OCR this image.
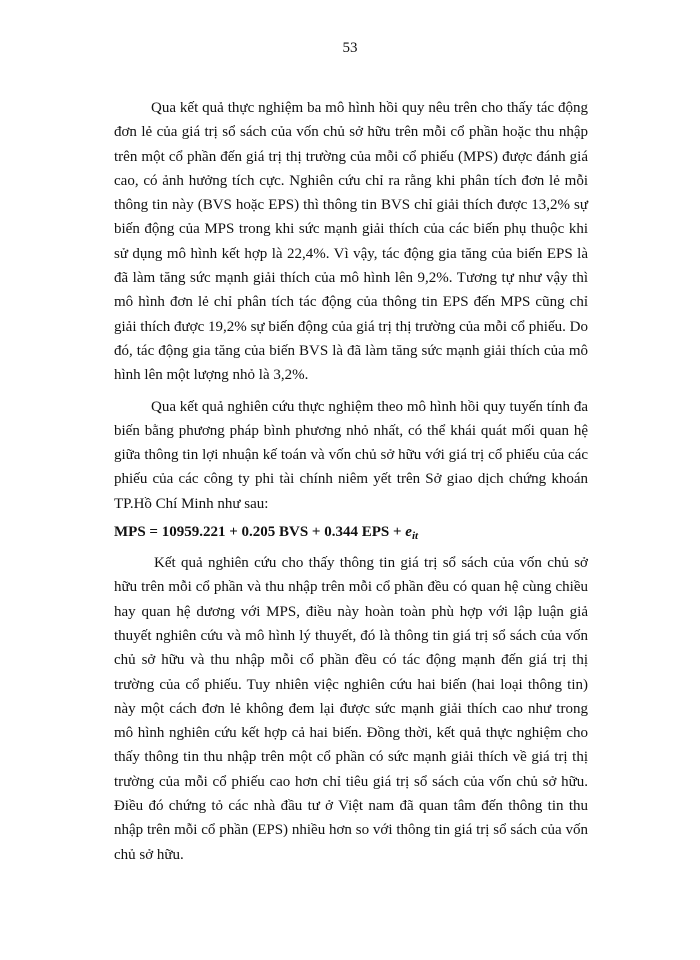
53

Qua kết quả thực nghiệm ba mô hình hồi quy nêu trên cho thấy tác động đơn lẻ của giá trị sổ sách của vốn chủ sở hữu trên mỗi cổ phần hoặc thu nhập trên một cổ phần đến giá trị thị trường của mỗi cổ phiếu (MPS) được đánh giá cao, có ảnh hưởng tích cực. Nghiên cứu chỉ ra rằng khi phân tích đơn lẻ mỗi thông tin này (BVS hoặc EPS) thì thông tin BVS chỉ giải thích được 13,2% sự biến động của MPS trong khi sức mạnh giải thích của các biến phụ thuộc khi sử dụng mô hình kết hợp là 22,4%. Vì vậy, tác động gia tăng của biến EPS là đã làm tăng sức mạnh giải thích của mô hình lên 9,2%. Tương tự như vậy thì mô hình đơn lẻ chỉ phân tích tác động của thông tin EPS đến MPS cũng chỉ giải thích được 19,2% sự biến động của giá trị thị trường của mỗi cổ phiếu. Do đó, tác động gia tăng của biến BVS là đã làm tăng sức mạnh giải thích của mô hình lên một lượng nhỏ là 3,2%.

Qua kết quả nghiên cứu thực nghiệm theo mô hình hồi quy tuyến tính đa biến bằng phương pháp bình phương nhỏ nhất, có thể khái quát mối quan hệ giữa thông tin lợi nhuận kế toán và vốn chủ sở hữu với giá trị cổ phiếu của các phiếu của các công ty phi tài chính niêm yết trên Sở giao dịch chứng khoán TP.Hồ Chí Minh như sau:

MPS = 10959.221 + 0.205 BVS + 0.344 EPS + $e_{it}$

Kết quả nghiên cứu cho thấy thông tin giá trị sổ sách của vốn chủ sở hữu trên mỗi cổ phần và thu nhập trên mỗi cổ phần đều có quan hệ cùng chiều hay quan hệ dương với MPS, điều này hoàn toàn phù hợp với lập luận giả thuyết nghiên cứu và mô hình lý thuyết, đó là thông tin giá trị sổ sách của vốn chủ sở hữu và thu nhập mỗi cổ phần đều có tác động mạnh đến giá trị thị trường của cổ phiếu. Tuy nhiên việc nghiên cứu hai biến (hai loại thông tin) này một cách đơn lẻ không đem lại được sức mạnh giải thích cao như trong mô hình nghiên cứu kết hợp cả hai biến. Đồng thời, kết quả thực nghiệm cho thấy thông tin thu nhập trên một cổ phần có sức mạnh giải thích về giá trị thị trường của mỗi cổ phiếu cao hơn chỉ tiêu giá trị sổ sách của vốn chủ sở hữu. Điều đó chứng tỏ các nhà đầu tư ở Việt nam đã quan tâm đến thông tin thu nhập trên mỗi cổ phần (EPS) nhiều hơn so với thông tin giá trị sổ sách của vốn chủ sở hữu.
